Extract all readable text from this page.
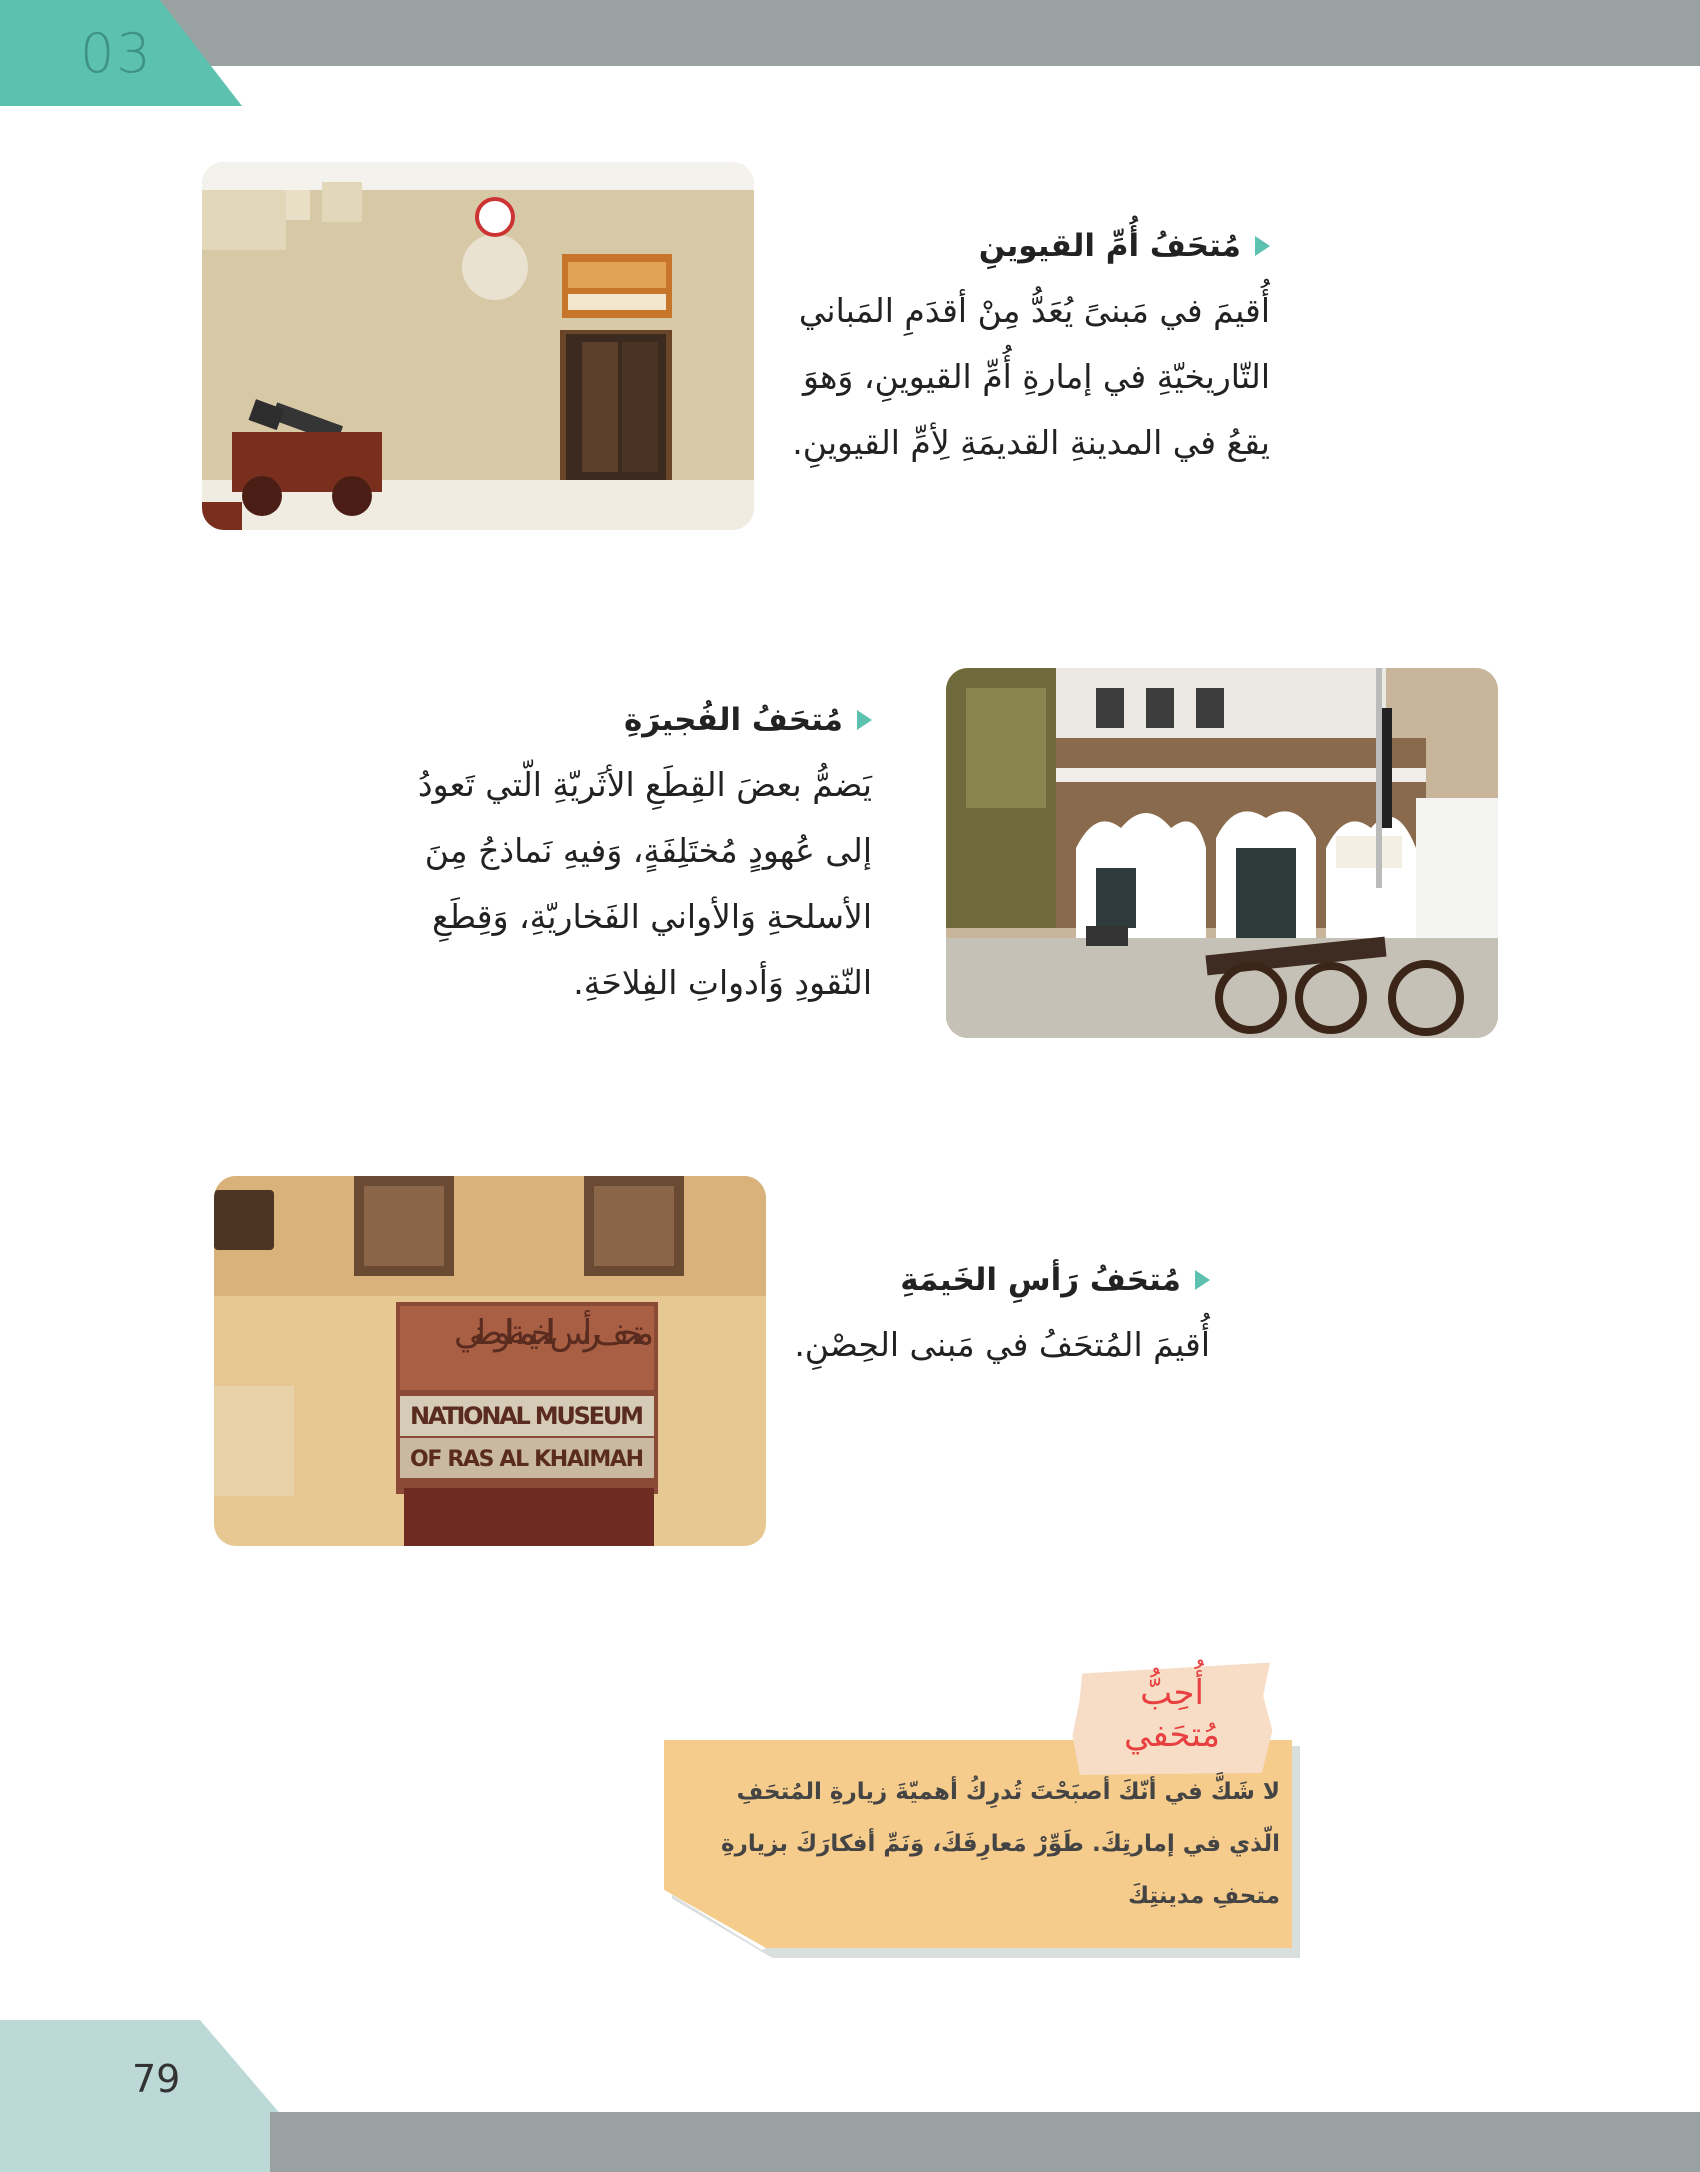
03
مُتحَفُ أُمِّ القيوينِ

أُقيمَ في مَبنىً يُعَدُّ مِنْ أقدَمِ المَباني التّاريخيّةِ في إمارةِ أُمِّ القيوينِ، وَهوَ يقعُ في المدينةِ القديمَةِ لِأمِّ القيوينِ.

مُتحَفُ الفُجيرَةِ

يَضمُّ بعضَ القِطَعِ الأثَريّةِ الّتي تَعودُ إلى عُهودٍ مُختَلِفَةٍ، وَفيهِ نَماذجُ مِنَ الأسلحةِ وَالأواني الفَخاريّةِ، وَقِطَعِ النّقودِ وَأدواتِ الفِلاحَةِ.

متحف رأس الخيمة الوطني
NATIONAL MUSEUM
OF RAS AL KHAIMAH
مُتحَفُ رَأسِ الخَيمَةِ

أُقيمَ المُتحَفُ في مَبنى الحِصْنِ.

أُحِبُّ
مُتحَفي
لا شَكَّ في أنّكَ أصبَحْتَ تُدرِكُ أهميّةَ زيارةِ المُتحَفِ الّذي في إمارتِكَ. طَوِّرْ مَعارِفَكَ، وَنَمِّ أفكارَكَ بزيارةِ متحفِ مدينتِكَ
79
